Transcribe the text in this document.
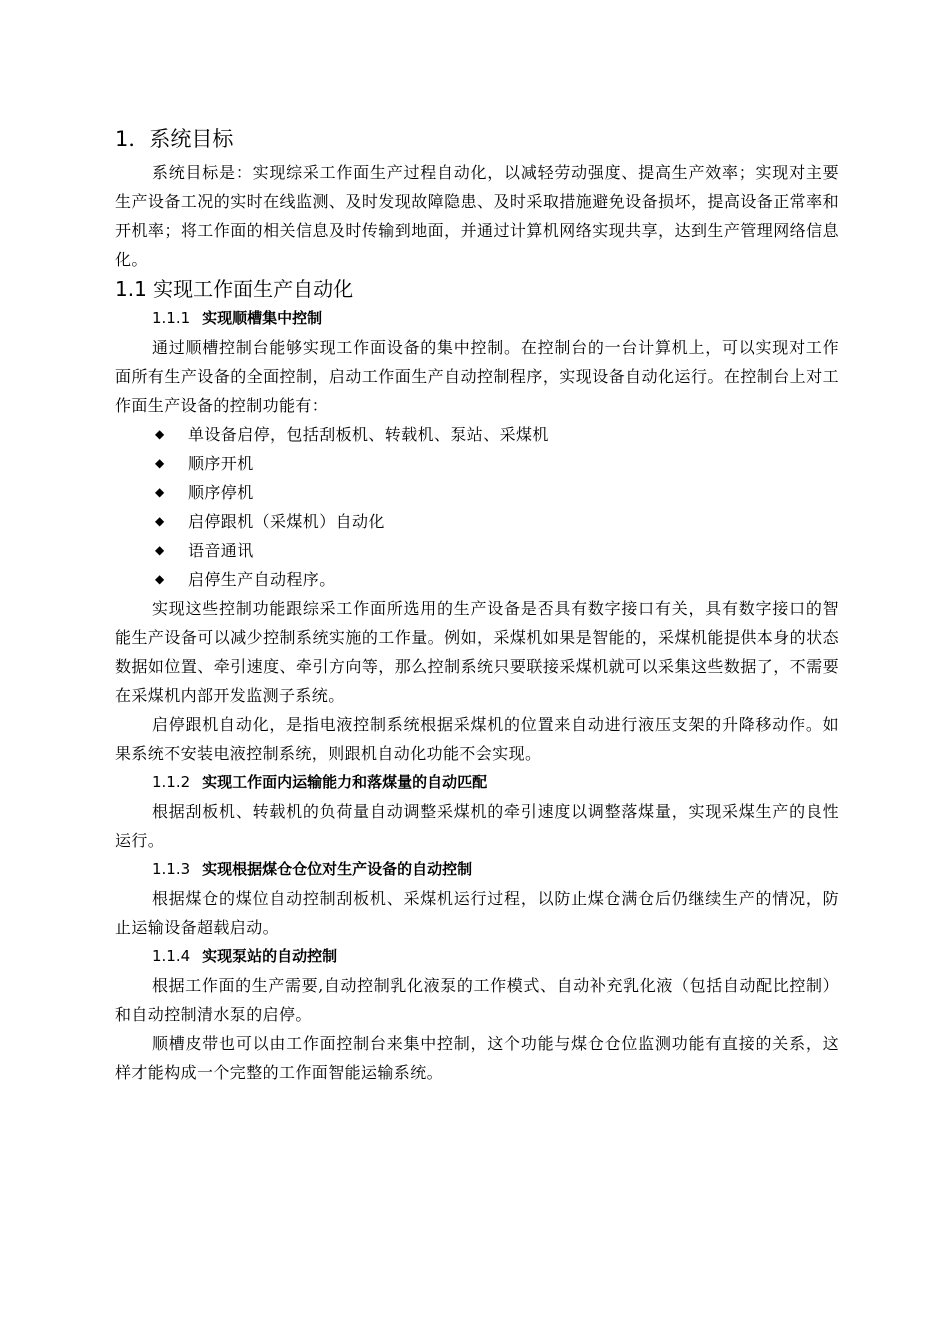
1．系统目标

系统目标是：实现综采工作面生产过程自动化，以减轻劳动强度、提高生产效率；实现对主要生产设备工况的实时在线监测、及时发现故障隐患、及时采取措施避免设备损坏，提高设备正常率和开机率；将工作面的相关信息及时传输到地面，并通过计算机网络实现共享，达到生产管理网络信息化。

1.1 实现工作面生产自动化
1.1.1 实现顺槽集中控制

通过顺槽控制台能够实现工作面设备的集中控制。在控制台的一台计算机上，可以实现对工作面所有生产设备的全面控制，启动工作面生产自动控制程序，实现设备自动化运行。在控制台上对工作面生产设备的控制功能有：

◆ 单设备启停，包括刮板机、转载机、泵站、采煤机
◆ 顺序开机
◆ 顺序停机
◆ 启停跟机（采煤机）自动化
◆ 语音通讯
◆ 启停生产自动程序。

实现这些控制功能跟综采工作面所选用的生产设备是否具有数字接口有关，具有数字接口的智能生产设备可以减少控制系统实施的工作量。例如，采煤机如果是智能的，采煤机能提供本身的状态数据如位置、牵引速度、牵引方向等，那么控制系统只要联接采煤机就可以采集这些数据了，不需要在采煤机内部开发监测子系统。

启停跟机自动化，是指电液控制系统根据采煤机的位置来自动进行液压支架的升降移动作。如果系统不安装电液控制系统，则跟机自动化功能不会实现。

1.1.2 实现工作面内运输能力和落煤量的自动匹配

根据刮板机、转载机的负荷量自动调整采煤机的牵引速度以调整落煤量，实现采煤生产的良性运行。

1.1.3 实现根据煤仓仓位对生产设备的自动控制

根据煤仓的煤位自动控制刮板机、采煤机运行过程，以防止煤仓满仓后仍继续生产的情况，防止运输设备超载启动。

1.1.4 实现泵站的自动控制

根据工作面的生产需要,自动控制乳化液泵的工作模式、自动补充乳化液（包括自动配比控制）和自动控制清水泵的启停。

顺槽皮带也可以由工作面控制台来集中控制，这个功能与煤仓仓位监测功能有直接的关系，这样才能构成一个完整的工作面智能运输系统。
